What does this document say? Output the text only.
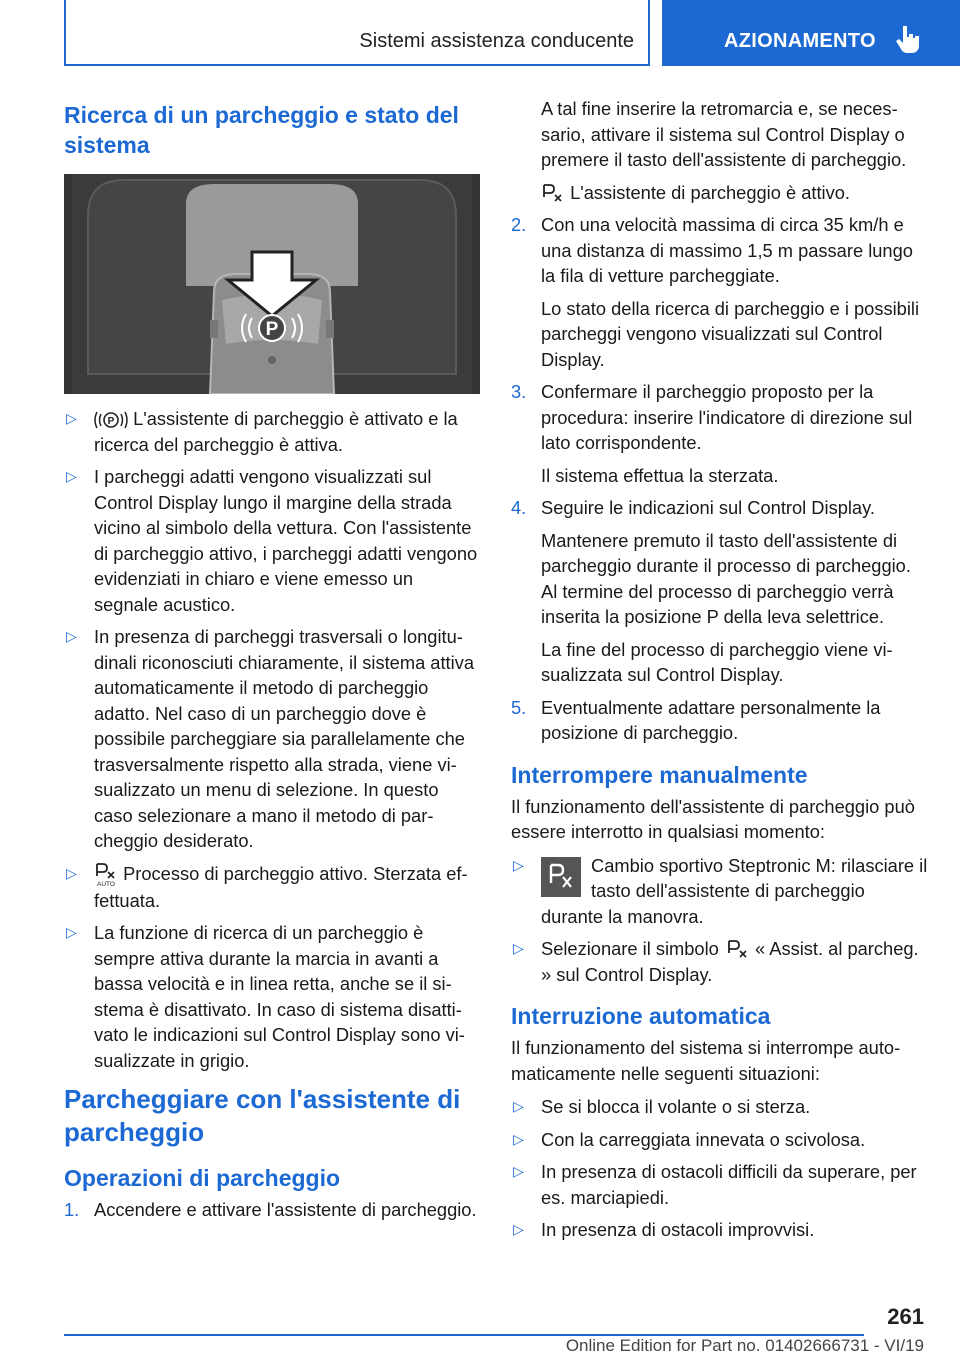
Sistemi assistenza conducente	AZIONAMENTO
Ricerca di un parcheggio e stato del sistema
P
▷	P L'assistente di parcheggio è attivato e la ricerca del parcheggio è attiva.
▷ I parcheggi adatti vengono visualizzati sul Control Display lungo il margine della strada vicino al simbolo della vettura. Con l'assistente di parcheggio attivo, i parcheggi adatti vengono evidenziati in chiaro e viene emesso un segnale acustico.
▷ In presenza di parcheggi trasversali o longitudinali riconosciuti chiaramente, il sistema attiva automaticamente il metodo di parcheggio adatto. Nel caso di un parcheggio dove è possibile parcheggiare sia parallelamente che trasversalmente rispetto alla strada, viene visualizzato un menu di selezione. In questo caso selezionare a mano il metodo di parcheggio desiderato.
▷
AUTO
Processo di parcheggio attivo. Sterzata effettuata.
▷ La funzione di ricerca di un parcheggio è sempre attiva durante la marcia in avanti a bassa velocità e in linea retta, anche se il sistema è disattivato. In caso di sistema disattivato le indicazioni sul Control Display sono visualizzate in grigio.
Parcheggiare con l'assistente di parcheggio
Operazioni di parcheggio
1. Accendere e attivare l'assistente di parcheggio.
A tal fine inserire la retromarcia e, se necessario, attivare il sistema sul Control Display o premere il tasto dell'assistente di parcheggio.
L'assistente di parcheggio è attivo.
2. Con una velocità massima di circa 35 km/h e una distanza di massimo 1,5 m passare lungo la fila di vetture parcheggiate.
Lo stato della ricerca di parcheggio e i possibili parcheggi vengono visualizzati sul Control Display.
3. Confermare il parcheggio proposto per la procedura: inserire l'indicatore di direzione sul lato corrispondente.
Il sistema effettua la sterzata.
4. Seguire le indicazioni sul Control Display.
Mantenere premuto il tasto dell'assistente di parcheggio durante il processo di parcheggio. Al termine del processo di parcheggio verrà inserita la posizione P della leva selettrice.
La fine del processo di parcheggio viene visualizzata sul Control Display.
5. Eventualmente adattare personalmente la posizione di parcheggio.
Interrompere manualmente

Il funzionamento dell'assistente di parcheggio può essere interrotto in qualsiasi momento:

▷	Cambio sportivo Steptronic M: rilasciare il tasto dell'assistente di parcheggio durante la manovra.
▷ Selezionare il simbolo « Assist. al parcheg. » sul Control Display.
Interruzione automatica

Il funzionamento del sistema si interrompe automaticamente nelle seguenti situazioni:

▷ Se si blocca il volante o si sterza.
▷ Con la carreggiata innevata o scivolosa.
▷ In presenza di ostacoli difficili da superare, per es. marciapiedi.
▷ In presenza di ostacoli improvvisi.
261
Online Edition for Part no. 01402666731 - VI/19
